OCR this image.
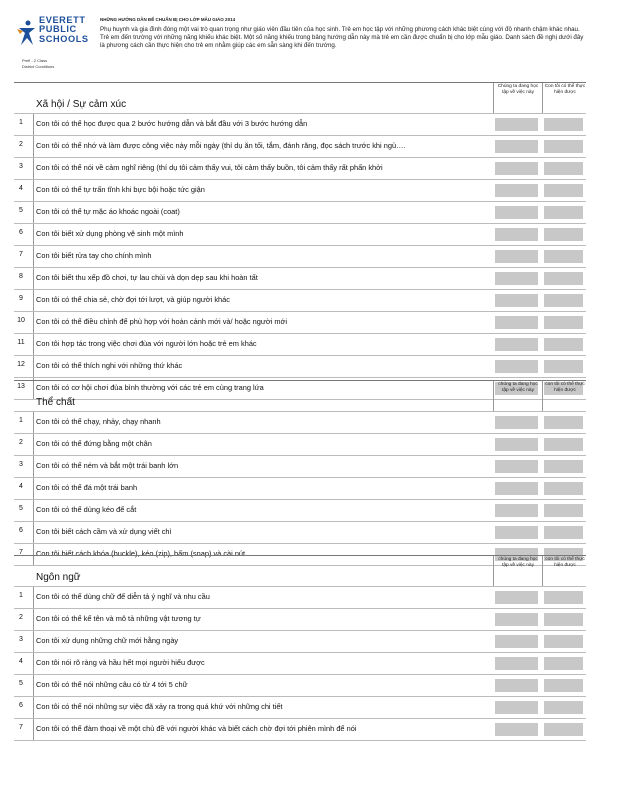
EVERETT
PUBLIC
SCHOOLS
Prefl - 2 Class
District Conditions
NHỮNG HƯỚNG DẪN ĐỂ CHUẨN BỊ CHO LỚP MẪU GIÁO 2014
Phụ huynh và gia đình đóng một vai trò quan trọng như giáo viên đầu tiên của học sinh. Trẻ em học tập với những phương cách khác biệt cùng với độ nhanh chậm khác nhau. Trẻ em đến trường với những năng khiếu khác biệt. Một số năng khiếu trong bảng hướng dẫn này mà trẻ em cần được chuẩn bị cho lớp mẫu giáo. Danh sách đề nghị dưới đây là phương cách cần thực hiện cho trẻ em nhằm giúp các em sẵn sàng khi đến trường.
Xã hội / Sự cảm xúc
Chúng ta đang học tập về việc này
Con tôi có thể thực hiện được
1	Con tôi có thể học được qua 2 bước hướng dẫn và bắt đầu với 3 bước hướng dẫn
2	Con tôi có thể nhớ và làm được công việc này mỗi ngày (thí dụ ăn tối, tắm, đánh răng, đọc sách trước khi ngủ….
3	Con tôi có thể nói về cảm nghĩ riêng (thí dụ tôi cảm thấy vui, tôi cảm thấy buồn, tôi cảm thấy rất phấn khởi
4	Con tôi có thể tự trấn tĩnh khi bực bội hoặc tức giận
5	Con tôi có thể tự mặc áo khoác ngoài (coat)
6	Con tôi biết xử dụng phòng vệ sinh một mình
7	Con tôi biết rửa tay cho chính mình
8	Con tôi biết thu xếp đồ chơi, tự lau chùi và dọn dẹp sau khi hoàn tất
9	Con tôi có thể chia sẻ, chờ đợi tới lượt, và giúp người khác
10	Con tôi có thể điều chỉnh để phù hợp với hoàn cảnh mới và/ hoặc người mới
11	Con tôi hợp tác trong việc chơi đùa với người lớn hoặc trẻ em khác
12	Con tôi có thể thích nghi với những thứ khác
13	Con tôi có cơ hội chơi đùa bình thường với các trẻ em cùng trang lứa
Thể chất
chúng ta đang học tập về việc này
con tôi có thể thực hiện được
1	Con tôi có thể chạy, nhảy, chạy nhanh
2	Con tôi có thể đứng bằng một chân
3	Con tôi có thể ném và bắt một trái banh lớn
4	Con tôi có thể đá một trái banh
5	Con tôi có thể dùng kéo để cắt
6	Con tôi biết cách cầm và xử dụng viết chì
7	Con tôi biết cách khóa (buckle), kéo (zip), bấm (snap) và cài nút
Ngôn ngữ
chúng ta đang học tập về việc này
con tôi có thể thực hiện được
1	Con tôi có thể dùng chữ để diễn tả ý nghĩ và nhu cầu
2	Con tôi có thể kể tên và mô tả những vật tương tự
3	Con tôi xử dụng những chữ mới hằng ngày
4	Con tôi nói rõ ràng và hầu hết mọi người hiểu được
5	Con tôi có thể nói những câu có từ 4 tới 5 chữ
6	Con tôi có thể nói những sự việc đã xảy ra trong quá khứ với những chi tiết
7	Con tôi có thể đàm thoại về một chủ đề với người khác và biết cách chờ đợi tới phiên mình để nói
